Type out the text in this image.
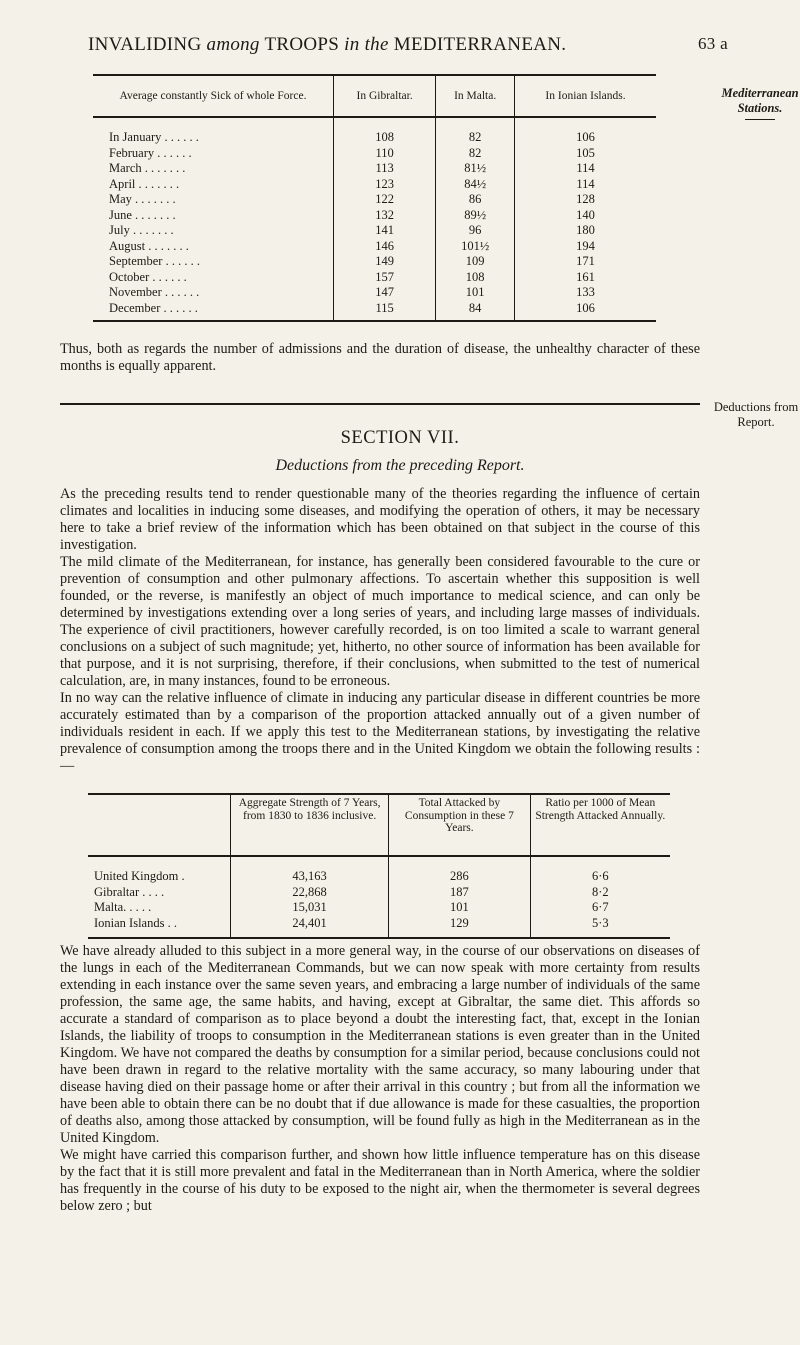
INVALIDING among TROOPS in the MEDITERRANEAN.	63 a
Mediterranean Stations.
Deductions from Report.
Average constantly Sick of whole Force.	In Gibraltar.	In Malta.	In Ionian Islands.
In January . . . . . .	108	82	106
February . . . . . .	110	82	105
March . . . . . . .	113	81½	114
April . . . . . . .	123	84½	114
May . . . . . . .	122	86	128
June . . . . . . .	132	89½	140
July . . . . . . .	141	96	180
August . . . . . . .	146	101½	194
September . . . . . .	149	109	171
October . . . . . .	157	108	161
November . . . . . .	147	101	133
December . . . . . .	115	84	106
Thus, both as regards the number of admissions and the duration of disease, the unhealthy character of these months is equally apparent.
SECTION VII.
Deductions from the preceding Report.

As the preceding results tend to render questionable many of the theories regarding the influence of certain climates and localities in inducing some diseases, and modifying the operation of others, it may be necessary here to take a brief review of the information which has been obtained on that subject in the course of this investigation.

The mild climate of the Mediterranean, for instance, has generally been considered favourable to the cure or prevention of consumption and other pulmonary affections. To ascertain whether this supposition is well founded, or the reverse, is manifestly an object of much importance to medical science, and can only be determined by investigations extending over a long series of years, and including large masses of individuals. The experience of civil practitioners, however carefully recorded, is on too limited a scale to warrant general conclusions on a subject of such magnitude; yet, hitherto, no other source of information has been available for that purpose, and it is not surprising, therefore, if their conclusions, when submitted to the test of numerical calculation, are, in many instances, found to be erroneous.

In no way can the relative influence of climate in inducing any particular disease in different countries be more accurately estimated than by a comparison of the proportion attacked annually out of a given number of individuals resident in each. If we apply this test to the Mediterranean stations, by investigating the relative prevalence of consumption among the troops there and in the United Kingdom we obtain the following results :—

	Aggregate Strength of 7 Years, from 1830 to 1836 inclusive.	Total Attacked by Consumption in these 7 Years.	Ratio per 1000 of Mean Strength Attacked Annually.
United Kingdom .	43,163	286	6·6
Gibraltar . . . .	22,868	187	8·2
Malta. . . . .	15,031	101	6·7
Ionian Islands . .	24,401	129	5·3

We have already alluded to this subject in a more general way, in the course of our observations on diseases of the lungs in each of the Mediterranean Commands, but we can now speak with more certainty from results extending in each instance over the same seven years, and embracing a large number of individuals of the same profession, the same age, the same habits, and having, except at Gibraltar, the same diet. This affords so accurate a standard of comparison as to place beyond a doubt the interesting fact, that, except in the Ionian Islands, the liability of troops to consumption in the Mediterranean stations is even greater than in the United Kingdom. We have not compared the deaths by consumption for a similar period, because conclusions could not have been drawn in regard to the relative mortality with the same accuracy, so many labouring under that disease having died on their passage home or after their arrival in this country ; but from all the information we have been able to obtain there can be no doubt that if due allowance is made for these casualties, the proportion of deaths also, among those attacked by consumption, will be found fully as high in the Mediterranean as in the United Kingdom.

We might have carried this comparison further, and shown how little influence temperature has on this disease by the fact that it is still more prevalent and fatal in the Mediterranean than in North America, where the soldier has frequently in the course of his duty to be exposed to the night air, when the thermometer is several degrees below zero ; but
